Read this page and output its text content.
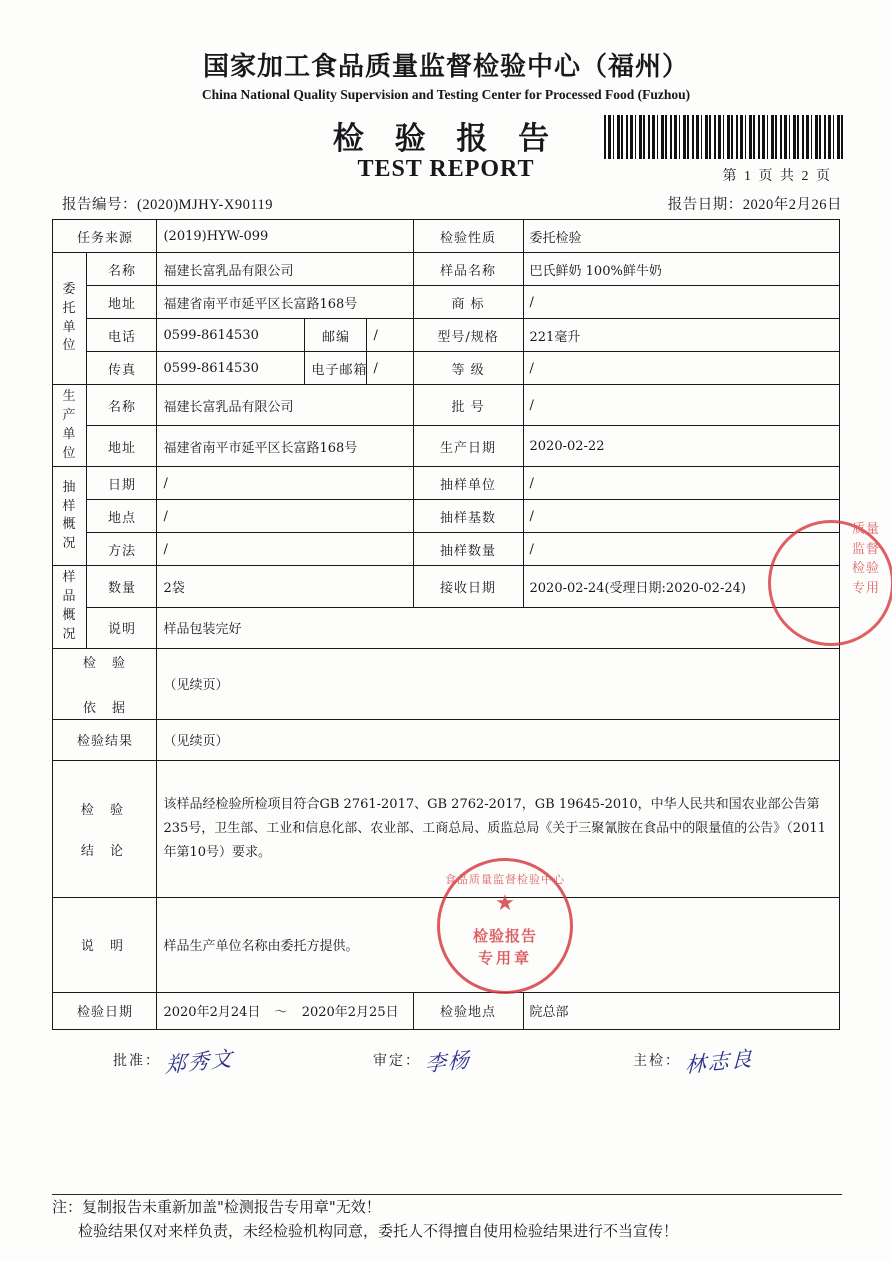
国家加工食品质量监督检验中心（福州）
China National Quality Supervision and Testing Center for Processed Food (Fuzhou)
检 验 报 告
TEST REPORT	第 1 页 共 2 页
报告编号：(2020)MJHY-X90119	报告日期：2020年2月26日
任务来源		(2019)HYW-099			检验性质	委托检验

委
托
单
位	名称	福建长富乳品有限公司			样品名称	巴氏鲜奶 100%鲜牛奶
	地址	福建省南平市延平区长富路168号			商 标	/
	电话	0599-8614530	邮编	/	型号/规格	221毫升
	传真	0599-8614530	电子邮箱	/	等 级	/

生产
单位	名称	福建长富乳品有限公司			批 号	/
	地址	福建省南平市延平区长富路168号			生产日期	2020-02-22

抽样
概况	日期	/			抽样单位	/
	地点	/			抽样基数	/
	方法	/			抽样数量	/

样品
概况	数量	2袋			接收日期	2020-02-24(受理日期:2020-02-24)
	说明	样品包装完好				

检 验
依 据		（见续页）				
检验结果		（见续页）				

检 验
结 论		该样品经检验所检项目符合GB 2761-2017、GB 2762-2017，GB 19645-2010，中华人民共和国农业部公告第235号，卫生部、工业和信息化部、农业部、工商总局、质监总局《关于三聚氰胺在食品中的限量值的公告》（2011年第10号）要求。				
说 明		样品生产单位名称由委托方提供。				
检验日期		2020年2月24日 ～ 2020年2月25日			检验地点	院总部
食品质量监督检验中心
★
检验报告
专用章
质量监督检验专用
批准： 郑秀文	审定： 李杨	主检： 林志良
注：复制报告未重新加盖"检测报告专用章"无效！
检验结果仅对来样负责，未经检验机构同意，委托人不得擅自使用检验结果进行不当宣传！
